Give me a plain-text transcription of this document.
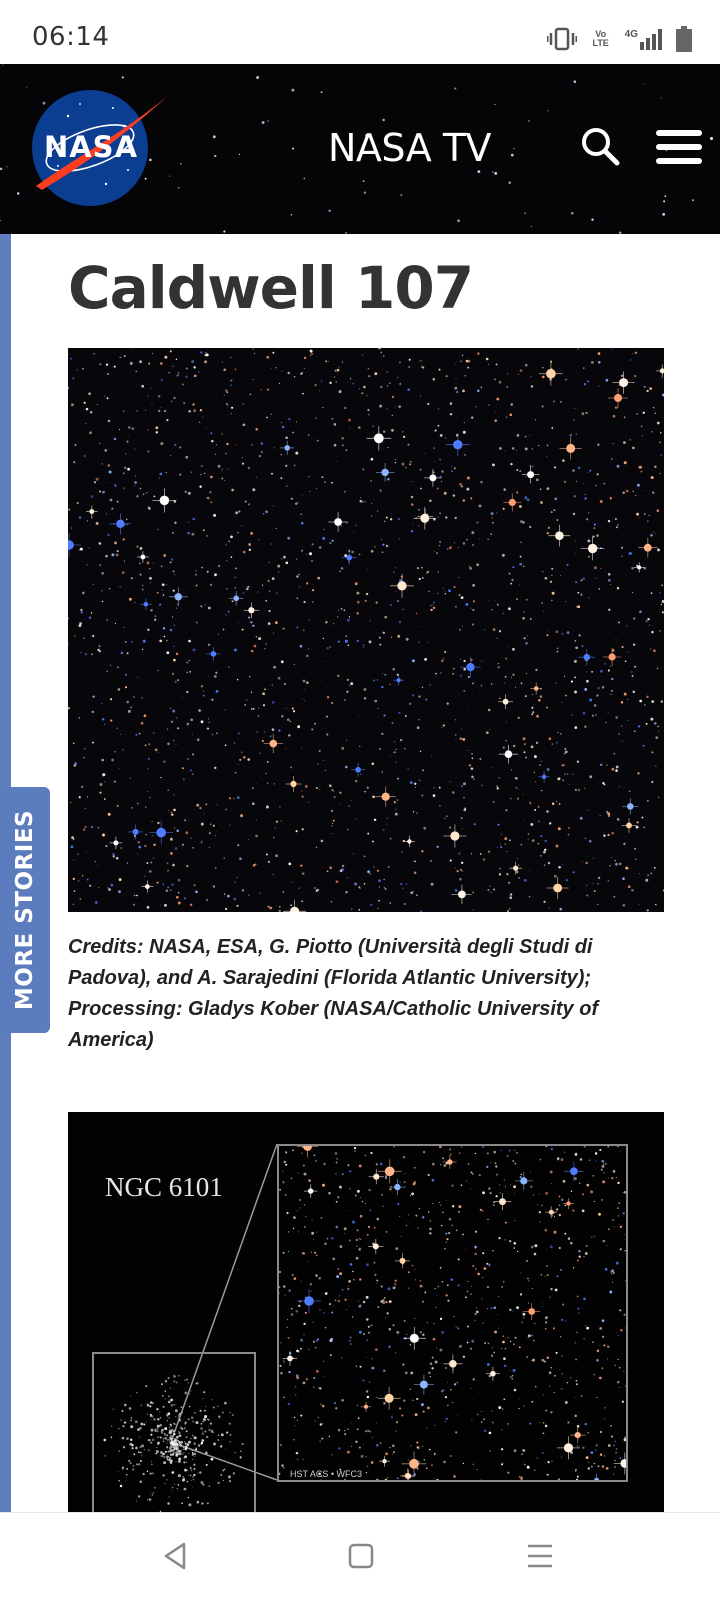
06:14	Vo LTE
4G
NASA	NASA TV
MORE STORIES
Caldwell 107
Credits: NASA, ESA, G. Piotto (Università degli Studi di Padova), and A. Sarajedini (Florida Atlantic University); Processing: Gladys Kober (NASA/Catholic University of America)
NGC 6101
HST ACS • WFC3
